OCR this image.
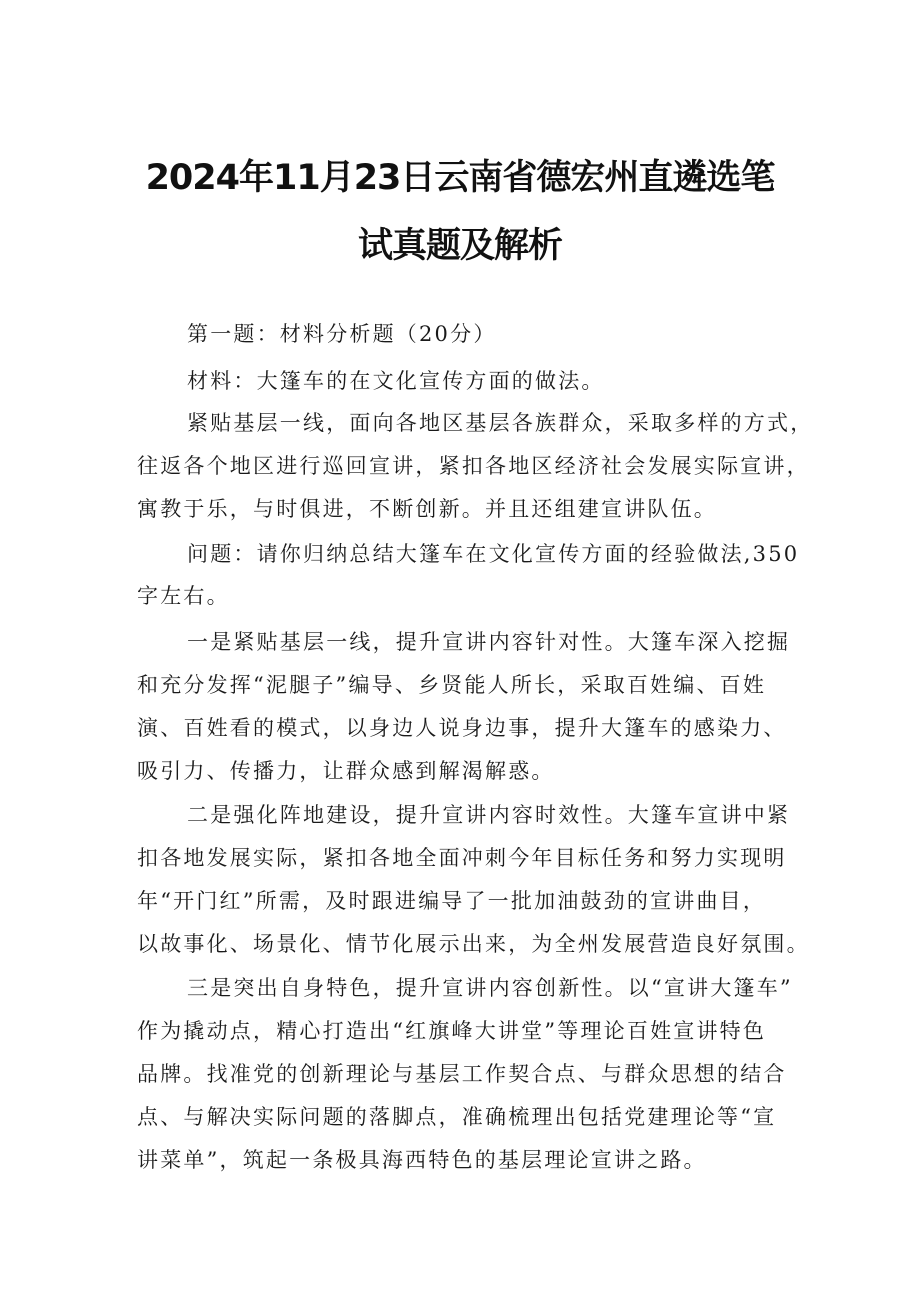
2024年11月23日云南省德宏州直遴选笔
试真题及解析
第一题：材料分析题（20分）
材料：大篷车的在文化宣传方面的做法。
紧贴基层一线，面向各地区基层各族群众，采取多样的方式，
往返各个地区进行巡回宣讲，紧扣各地区经济社会发展实际宣讲，
寓教于乐，与时俱进，不断创新。并且还组建宣讲队伍。
问题：请你归纳总结大篷车在文化宣传方面的经验做法,350
字左右。
一是紧贴基层一线，提升宣讲内容针对性。大篷车深入挖掘
和充分发挥“泥腿子”编导、乡贤能人所长，采取百姓编、百姓
演、百姓看的模式，以身边人说身边事，提升大篷车的感染力、
吸引力、传播力，让群众感到解渴解惑。
二是强化阵地建设，提升宣讲内容时效性。大篷车宣讲中紧
扣各地发展实际，紧扣各地全面冲刺今年目标任务和努力实现明
年“开门红”所需，及时跟进编导了一批加油鼓劲的宣讲曲目，
以故事化、场景化、情节化展示出来，为全州发展营造良好氛围。
三是突出自身特色，提升宣讲内容创新性。以“宣讲大篷车”
作为撬动点，精心打造出“红旗峰大讲堂”等理论百姓宣讲特色
品牌。找准党的创新理论与基层工作契合点、与群众思想的结合
点、与解决实际问题的落脚点，准确梳理出包括党建理论等“宣
讲菜单”，筑起一条极具海西特色的基层理论宣讲之路。
